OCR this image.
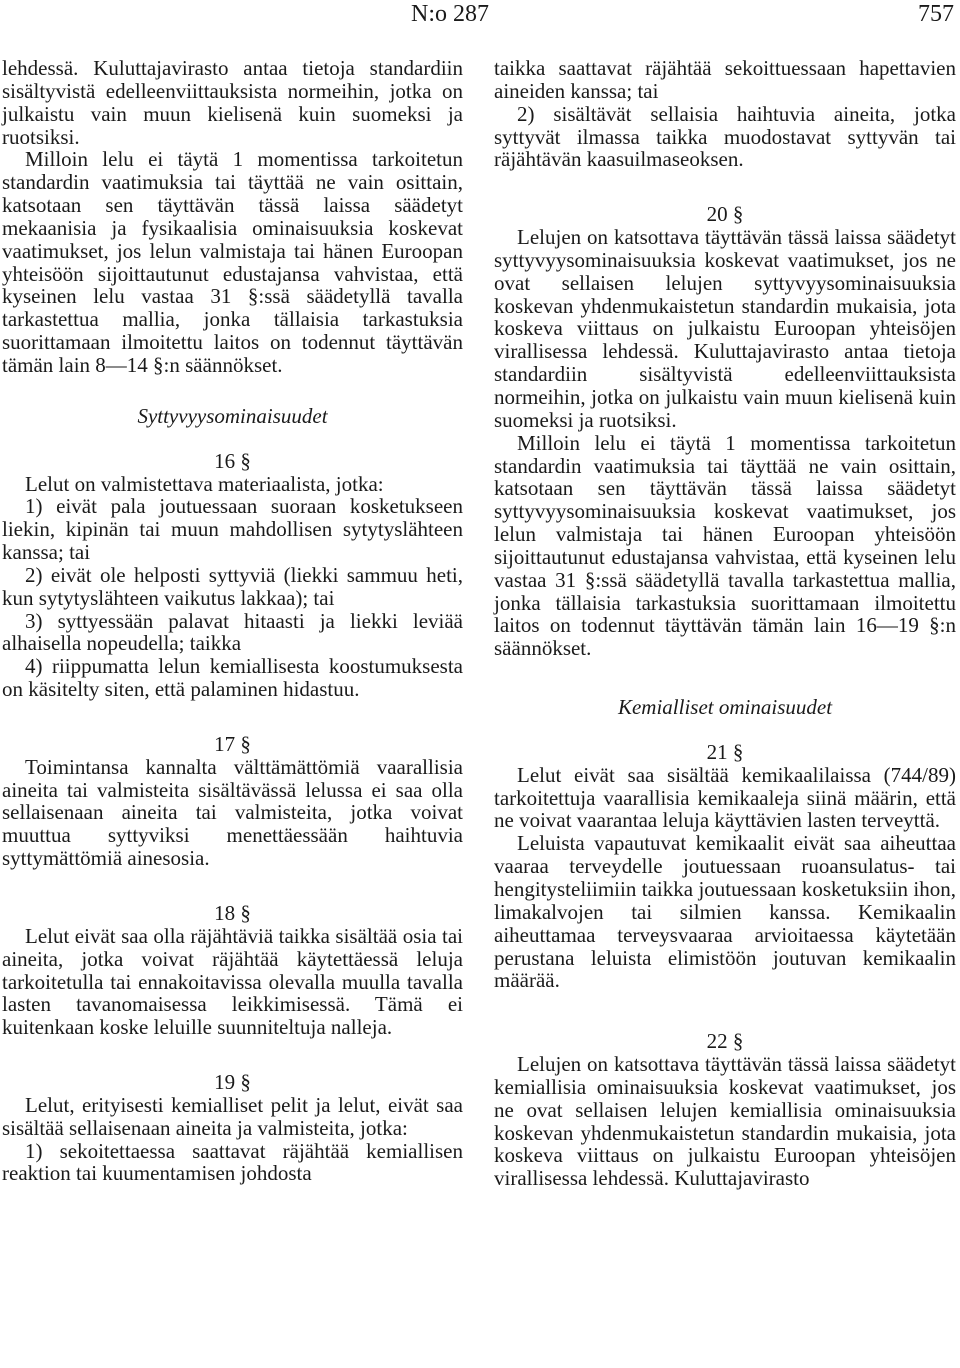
N:o 287	757

lehdessä. Kuluttajavirasto antaa tietoja standardiin sisältyvistä edelleenviittauksista normeihin, jotka on julkaistu vain muun kielisenä kuin suomeksi ja ruotsiksi.

Milloin lelu ei täytä 1 momentissa tarkoitetun standardin vaatimuksia tai täyttää ne vain osittain, katsotaan sen täyttävän tässä laissa säädetyt mekaanisia ja fysikaalisia ominaisuuksia koskevat vaatimukset, jos lelun valmistaja tai hänen Euroopan yhteisöön sijoittautunut edustajansa vahvistaa, että kyseinen lelu vastaa 31 §:ssä säädetyllä tavalla tarkastettua mallia, jonka tällaisia tarkastuksia suorittamaan ilmoitettu laitos on todennut täyttävän tämän lain 8—14 §:n säännökset.

Syttyvyysominaisuudet

16 §

Lelut on valmistettava materiaalista, jotka:

1) eivät pala joutuessaan suoraan kosketukseen liekin, kipinän tai muun mahdollisen sytytyslähteen kanssa; tai

2) eivät ole helposti syttyviä (liekki sammuu heti, kun sytytyslähteen vaikutus lakkaa); tai

3) syttyessään palavat hitaasti ja liekki leviää alhaisella nopeudella; taikka

4) riippumatta lelun kemiallisesta koostumuksesta on käsitelty siten, että palaminen hidastuu.

17 §

Toimintansa kannalta välttämättömiä vaarallisia aineita tai valmisteita sisältävässä lelussa ei saa olla sellaisenaan aineita tai valmisteita, jotka voivat muuttua syttyviksi menettäessään haihtuvia syttymättömiä ainesosia.

18 §

Lelut eivät saa olla räjähtäviä taikka sisältää osia tai aineita, jotka voivat räjähtää käytettäessä leluja tarkoitetulla tai ennakoitavissa olevalla muulla tavalla lasten tavanomaisessa leikkimisessä. Tämä ei kuitenkaan koske leluille suunniteltuja nalleja.

19 §

Lelut, erityisesti kemialliset pelit ja lelut, eivät saa sisältää sellaisenaan aineita ja valmisteita, jotka:

1) sekoitettaessa saattavat räjähtää kemiallisen reaktion tai kuumentamisen johdosta

taikka saattavat räjähtää sekoittuessaan hapettavien aineiden kanssa; tai

2) sisältävät sellaisia haihtuvia aineita, jotka syttyvät ilmassa taikka muodostavat syttyvän tai räjähtävän kaasuilmaseoksen.

20 §

Lelujen on katsottava täyttävän tässä laissa säädetyt syttyvyysominaisuuksia koskevat vaatimukset, jos ne ovat sellaisen lelujen syttyvyysominaisuuksia koskevan yhdenmukaistetun standardin mukaisia, jota koskeva viittaus on julkaistu Euroopan yhteisöjen virallisessa lehdessä. Kuluttajavirasto antaa tietoja standardiin sisältyvistä edelleenviittauksista normeihin, jotka on julkaistu vain muun kielisenä kuin suomeksi ja ruotsiksi.

Milloin lelu ei täytä 1 momentissa tarkoitetun standardin vaatimuksia tai täyttää ne vain osittain, katsotaan sen täyttävän tässä laissa säädetyt syttyvyysominaisuuksia koskevat vaatimukset, jos lelun valmistaja tai hänen Euroopan yhteisöön sijoittautunut edustajansa vahvistaa, että kyseinen lelu vastaa 31 §:ssä säädetyllä tavalla tarkastettua mallia, jonka tällaisia tarkastuksia suorittamaan ilmoitettu laitos on todennut täyttävän tämän lain 16—19 §:n säännökset.

Kemialliset ominaisuudet

21 §

Lelut eivät saa sisältää kemikaalilaissa (744/89) tarkoitettuja vaarallisia kemikaaleja siinä määrin, että ne voivat vaarantaa leluja käyttävien lasten terveyttä.

Leluista vapautuvat kemikaalit eivät saa aiheuttaa vaaraa terveydelle joutuessaan ruoansulatus- tai hengitysteliimiin taikka joutuessaan kosketuksiin ihon, limakalvojen tai silmien kanssa. Kemikaalin aiheuttamaa terveysvaaraa arvioitaessa käytetään perustana leluista elimistöön joutuvan kemikaalin määrää.

22 §

Lelujen on katsottava täyttävän tässä laissa säädetyt kemiallisia ominaisuuksia koskevat vaatimukset, jos ne ovat sellaisen lelujen kemiallisia ominaisuuksia koskevan yhdenmukaistetun standardin mukaisia, jota koskeva viittaus on julkaistu Euroopan yhteisöjen virallisessa lehdessä. Kuluttajavirasto
